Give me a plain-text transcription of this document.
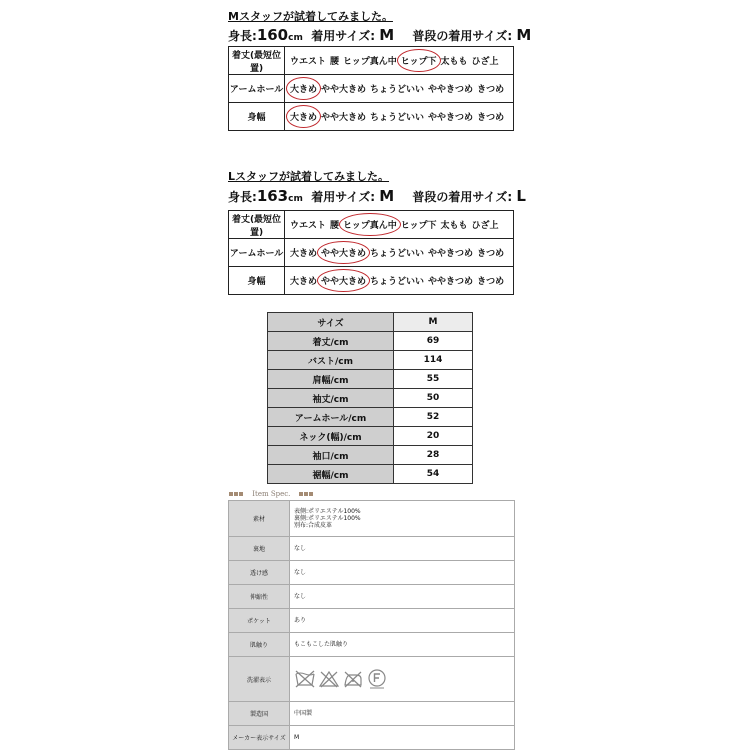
Mスタッフが試着してみました。
身長:160cm 着用サイズ: M 普段の着用サイズ: M
着丈(最短位置)	ウエスト 腰 ヒップ真ん中 ヒップ下 太もも ひざ上
アームホール	大きめ やや大きめ ちょうどいい ややきつめ きつめ
身幅	大きめ やや大きめ ちょうどいい ややきつめ きつめ
Lスタッフが試着してみました。
身長:163cm 着用サイズ: M 普段の着用サイズ: L
着丈(最短位置)	ウエスト 腰 ヒップ真ん中 ヒップ下 太もも ひざ上
アームホール	大きめ やや大きめ ちょうどいい ややきつめ きつめ
身幅	大きめ やや大きめ ちょうどいい ややきつめ きつめ
サイズ	M
着丈/cm	69
バスト/cm	114
肩幅/cm	55
袖丈/cm	50
アームホール/cm	52
ネック(幅)/cm	20
袖口/cm	28
裾幅/cm	54
Item Spec.
素材	表側:ポリエステル100%
裏側:ポリエステル100%
別布:合成皮革

裏地	なし
透け感	なし
伸縮性	なし
ポケット	あり
肌触り	もこもこした肌触り
洗濯表示	

製造国	中国製
メーカー表示サイズ	M
